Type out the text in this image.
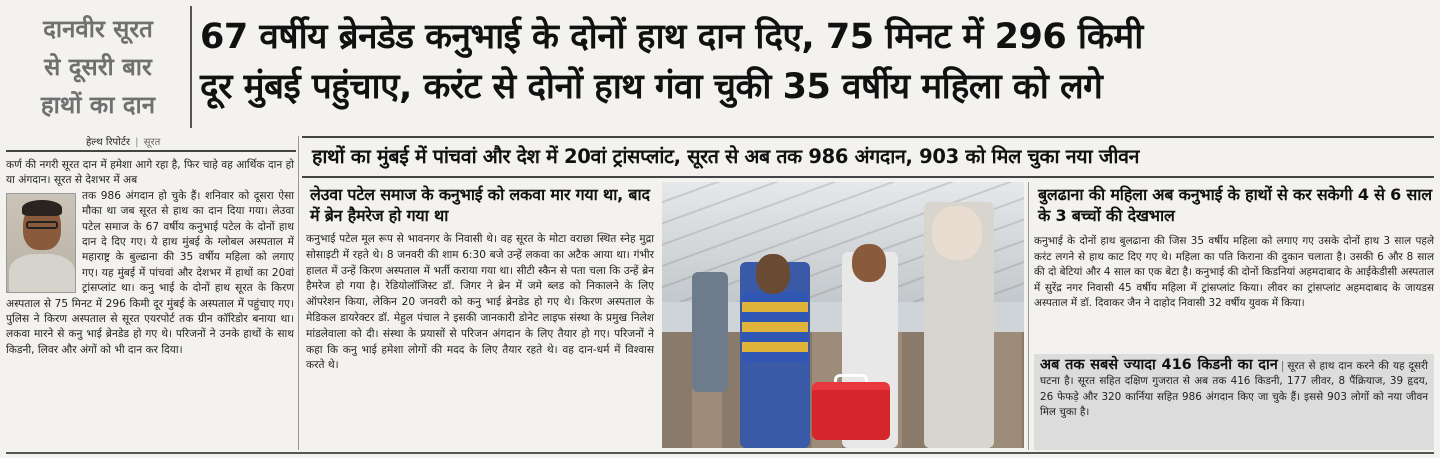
दानवीर सूरत
से दूसरी बार
हाथों का दान
67 वर्षीय ब्रेनडेड कनुभाई के दोनों हाथ दान दिए, 75 मिनट में 296 किमी
दूर मुंबई पहुंचाए, करंट से दोनों हाथ गंवा चुकी 35 वर्षीय महिला को लगे
हेल्थ रिपोर्टर | सूरत
कर्ण की नगरी सूरत दान में हमेशा आगे रहा है, फिर चाहे वह आर्थिक दान हो या अंगदान। सूरत से देशभर में अब
तक 986 अंगदान हो चुके हैं। शनिवार को दूसरा ऐसा मौका था जब सूरत से हाथ का दान दिया गया। लेउवा पटेल समाज के 67 वर्षीय कनुभाई पटेल के दोनों हाथ दान दे दिए गए। ये हाथ मुंबई के ग्लोबल अस्पताल में महाराष्ट्र के बुल्ढाना की 35 वर्षीय महिला को लगाए गए। यह मुंबई में पांचवां और देशभर में हाथों का 20वां ट्रांसप्लांट था। कनु भाई के दोनों हाथ सूरत के किरण अस्पताल से 75 मिनट में 296 किमी दूर मुंबई के अस्पताल में पहुंचाए गए। पुलिस ने किरण अस्पताल से सूरत एयरपोर्ट तक ग्रीन कॉरिडोर बनाया था। लकवा मारने से कनु भाई ब्रेनडेड हो गए थे। परिजनों ने उनके हाथों के साथ किडनी, लिवर और अंगों को भी दान कर दिया।
हाथों का मुंबई में पांचवां और देश में 20वां ट्रांसप्लांट, सूरत से अब तक 986 अंगदान, 903 को मिल चुका नया जीवन
लेउवा पटेल समाज के कनुभाई को लकवा मार गया था, बाद में ब्रेन हैमरेज हो गया था

कनुभाई पटेल मूल रूप से भावनगर के निवासी थे। वह सूरत के मोटा वराछा स्थित स्नेह मुद्रा सोसाइटी में रहते थे। 8 जनवरी की शाम 6:30 बजे उन्हें लकवा का अटैक आया था। गंभीर हालत में उन्हें किरण अस्पताल में भर्ती कराया गया था। सीटी स्कैन से पता चला कि उन्हें ब्रेन हैमरेज हो गया है। रेडियोलॉजिस्ट डॉ. जिगर ने ब्रेन में जमे ब्लड को निकालने के लिए ऑपरेशन किया, लेकिन 20 जनवरी को कनु भाई ब्रेनडेड हो गए थे। किरण अस्पताल के मेडिकल डायरेक्टर डॉ. मेहुल पंचाल ने इसकी जानकारी डोनेट लाइफ संस्था के प्रमुख निलेश मांडलेवाला को दी। संस्था के प्रयासों से परिजन अंगदान के लिए तैयार हो गए। परिजनों ने कहा कि कनु भाई हमेशा लोगों की मदद के लिए तैयार रहते थे। वह दान-धर्म में विश्वास करते थे।

बुलढाना की महिला अब कनुभाई के हाथों से कर सकेगी 4 से 6 साल के 3 बच्चों की देखभाल

कनुभाई के दोनों हाथ बुलढाना की जिस 35 वर्षीय महिला को लगाए गए उसके दोनों हाथ 3 साल पहले करंट लगने से हाथ काट दिए गए थे। महिला का पति किराना की दुकान चलाता है। उसकी 6 और 8 साल की दो बेटियां और 4 साल का एक बेटा है। कनुभाई की दोनों किडनियां अहमदाबाद के आईकेडीसी अस्पताल में सुरेंद्र नगर निवासी 45 वर्षीय महिला में ट्रांसप्लांट किया। लीवर का ट्रांसप्लांट अहमदाबाद के जायडस अस्पताल में डॉ. दिवाकर जैन ने दाहोद निवासी 32 वर्षीय युवक में किया।

अब तक सबसे ज्यादा 416 किडनी का दान | सूरत से हाथ दान करने की यह दूसरी घटना है। सूरत सहित दक्षिण गुजरात से अब तक 416 किडनी, 177 लीवर, 8 पैंक्रियाज, 39 हृदय, 26 फेफड़े और 320 कार्निया सहित 986 अंगदान किए जा चुके हैं। इससे 903 लोगों को नया जीवन मिल चुका है।
